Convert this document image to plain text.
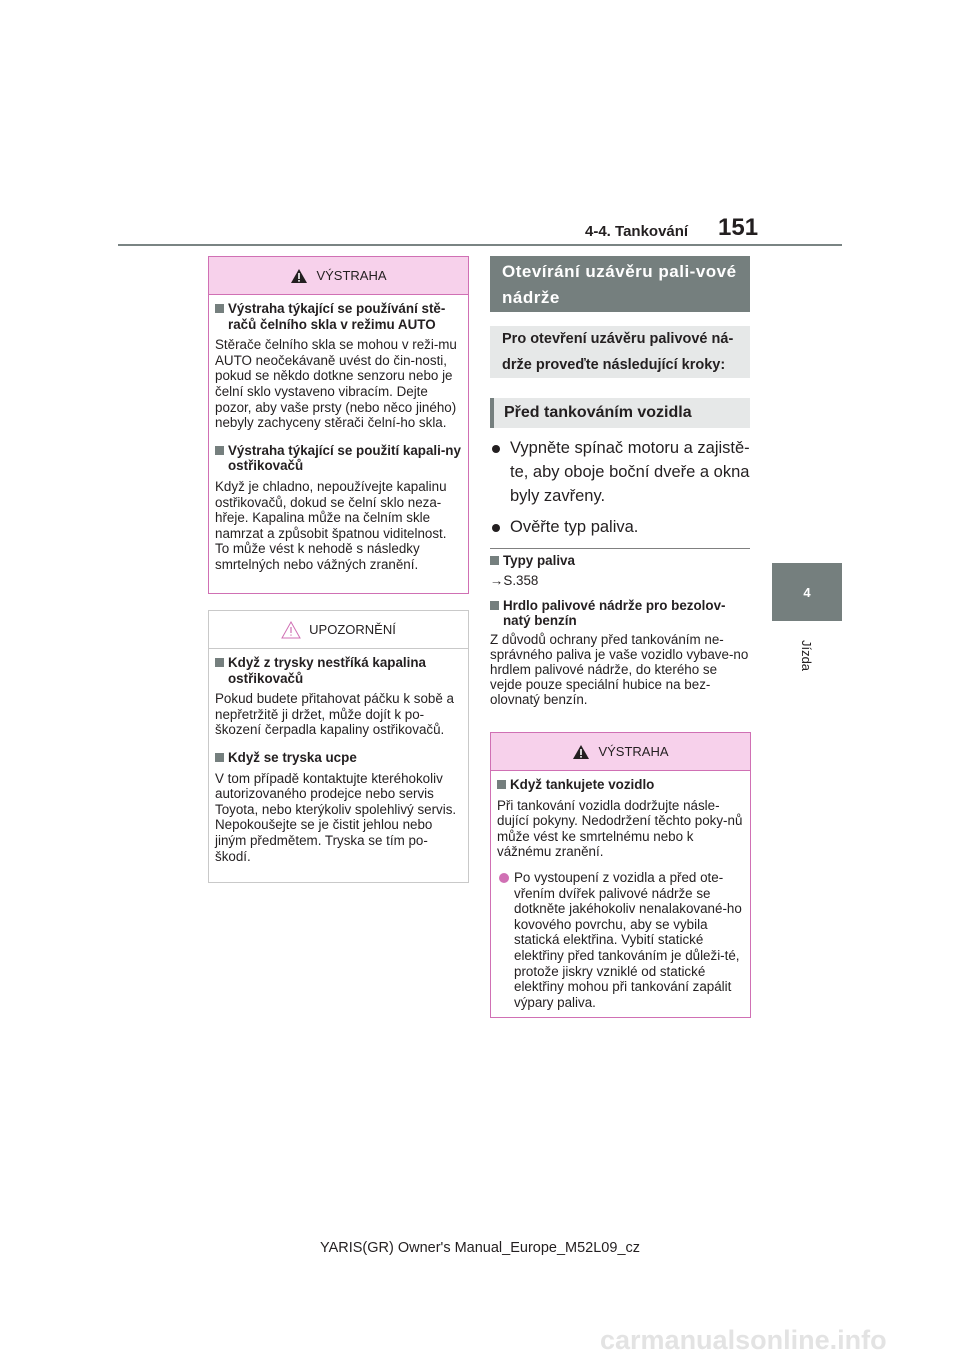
4-4. Tankování 151
4
Jízda
VÝSTRAHA
Výstraha týkající se používání stě-račů čelního skla v režimu AUTO
Stěrače čelního skla se mohou v reži-mu AUTO neočekávaně uvést do čin-nosti, pokud se někdo dotkne senzoru nebo je čelní sklo vystaveno vibracím. Dejte pozor, aby vaše prsty (nebo něco jiného) nebyly zachyceny stěrači čelní-ho skla.
Výstraha týkající se použití kapali-ny ostřikovačů
Když je chladno, nepoužívejte kapalinu ostřikovačů, dokud se čelní sklo neza-hřeje. Kapalina může na čelním skle namrzat a způsobit špatnou viditelnost. To může vést k nehodě s následky smrtelných nebo vážných zranění.
UPOZORNĚNÍ
Když z trysky nestříká kapalina ostřikovačů
Pokud budete přitahovat páčku k sobě a nepřetržitě ji držet, může dojít k po-škození čerpadla kapaliny ostřikovačů.
Když se tryska ucpe
V tom případě kontaktujte kteréhokoliv autorizovaného prodejce nebo servis Toyota, nebo kterýkoliv spolehlivý servis.
Nepokoušejte se je čistit jehlou nebo jiným předmětem. Tryska se tím po-škodí.
Otevírání uzávěru pali-vové nádrže
Pro otevření uzávěru palivové ná-drže proveďte následující kroky:
Před tankováním vozidla
Vypněte spínač motoru a zajistě-te, aby oboje boční dveře a okna byly zavřeny.
Ověřte typ paliva.
Typy paliva
→S.358
Hrdlo palivové nádrže pro bezolov-natý benzín
Z důvodů ochrany před tankováním ne-správného paliva je vaše vozidlo vybave-no hrdlem palivové nádrže, do kterého se vejde pouze speciální hubice na bez-olovnatý benzín.
VÝSTRAHA
Když tankujete vozidlo
Při tankování vozidla dodržujte násle-dující pokyny. Nedodržení těchto poky-nů může vést ke smrtelnému nebo k vážnému zranění.
Po vystoupení z vozidla a před ote-vřením dvířek palivové nádrže se dotkněte jakéhokoliv nenalakované-ho kovového povrchu, aby se vybila statická elektřina. Vybití statické elektřiny před tankováním je důleži-té, protože jiskry vzniklé od statické elektřiny mohou při tankování zapálit výpary paliva.
YARIS(GR) Owner's Manual_Europe_M52L09_cz
carmanualsonline.info
